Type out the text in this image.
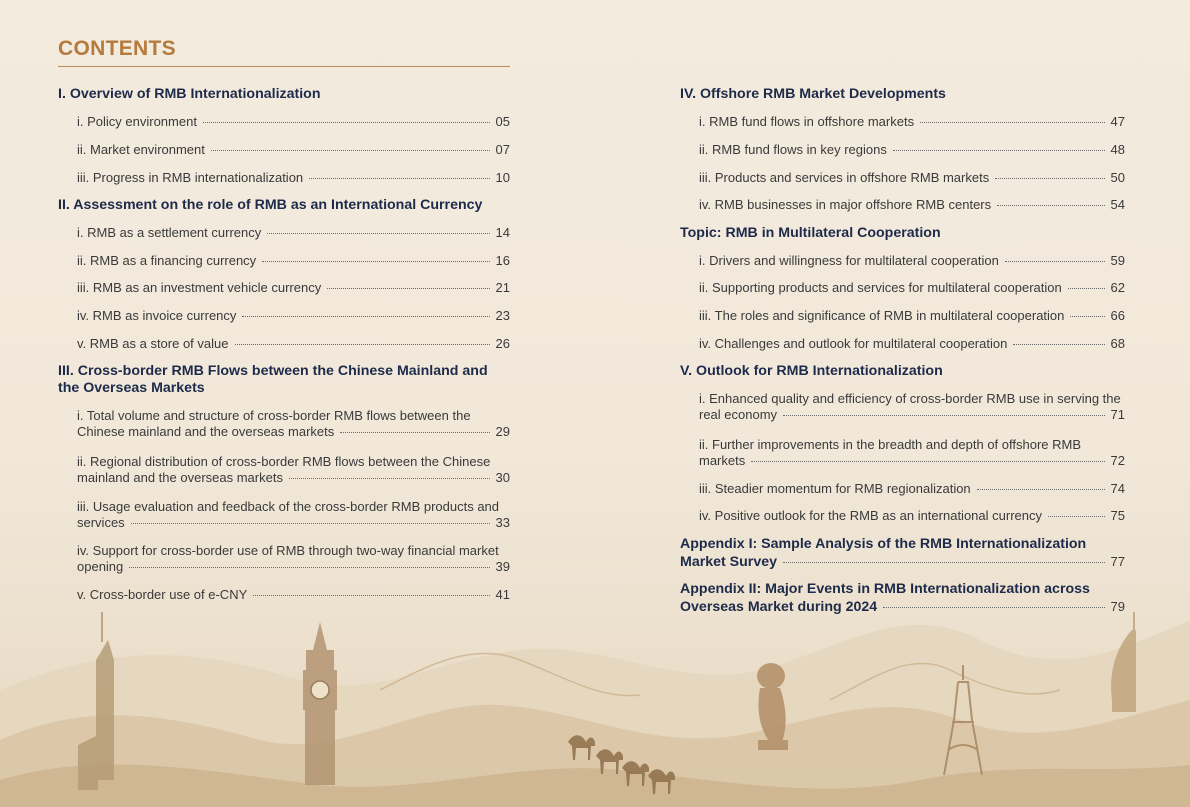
CONTENTS
I. Overview of RMB Internationalization
i. Policy environment	05
ii. Market environment	07
iii. Progress in RMB internationalization	10
II. Assessment on the role of RMB as an International Currency
i. RMB as a settlement currency	14
ii. RMB as a financing currency	16
iii. RMB as an investment vehicle currency	21
iv. RMB as invoice currency	23
v. RMB as a store of value	26
III. Cross-border RMB Flows between the Chinese Mainland and
the Overseas Markets
i. Total volume and structure of cross-border RMB flows between the
Chinese mainland and the overseas markets	29
ii. Regional distribution of cross-border RMB flows between the Chinese
mainland and the overseas markets	30
iii. Usage evaluation and feedback of the cross-border RMB products and
services	33
iv. Support for cross-border use of RMB through two-way financial market
opening	39
v. Cross-border use of e-CNY	41
IV. Offshore RMB Market Developments
i. RMB fund flows in offshore markets	47
ii. RMB fund flows in key regions	48
iii. Products and services in offshore RMB markets	50
iv. RMB businesses in major offshore RMB centers	54
Topic: RMB in Multilateral Cooperation
i. Drivers and willingness for multilateral cooperation	59
ii. Supporting products and services for multilateral cooperation	62
iii. The roles and significance of RMB in multilateral cooperation	66
iv. Challenges and outlook for multilateral cooperation	68
V. Outlook for RMB Internationalization
i. Enhanced quality and efficiency of cross-border RMB use in serving the
real economy	71
ii. Further improvements in the breadth and depth of offshore RMB
markets	72
iii. Steadier momentum for RMB regionalization	74
iv. Positive outlook for the RMB as an international currency	75
Appendix I: Sample Analysis of the RMB Internationalization
Market Survey	77
Appendix II: Major Events in RMB Internationalization across
Overseas Market during 2024	79
